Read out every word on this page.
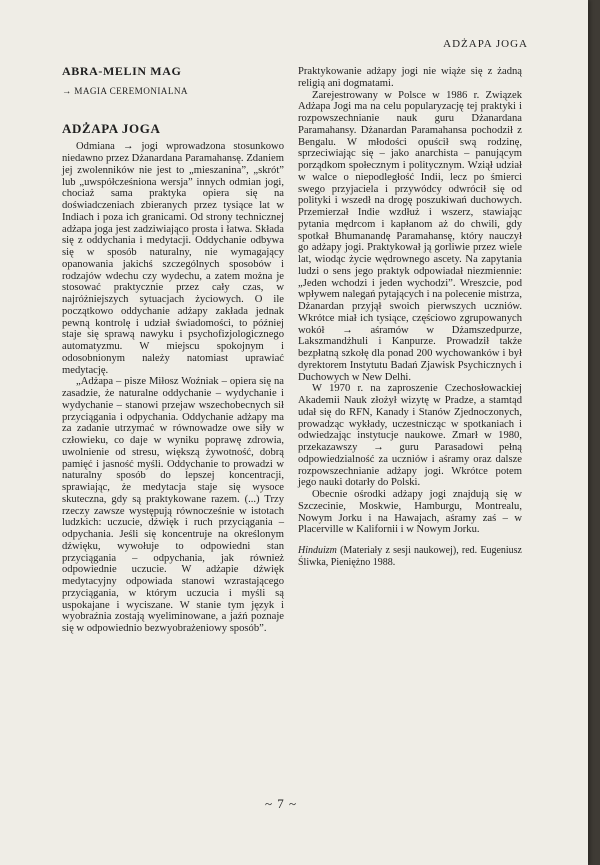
ADŻAPA JOGA
ABRA-MELIN MAG
→ MAGIA CEREMONIALNA
ADŻAPA JOGA

Odmiana → jogi wprowadzona stosunkowo niedawno przez Dżanardana Paramahansę. Zdaniem jej zwolenników nie jest to „mieszanina”, „skrót” lub „uwspółcześniona wersja” innych odmian jogi, chociaż sama praktyka opiera się na doświadczeniach zbieranych przez tysiące lat w Indiach i poza ich granicami. Od strony technicznej adżapa joga jest zadziwiająco prosta i łatwa. Składa się z oddychania i medytacji. Oddychanie odbywa się w sposób naturalny, nie wymagający opanowania jakichś szczególnych sposobów i rodzajów wdechu czy wydechu, a zatem można je stosować praktycznie przez cały czas, w najróżniejszych sytuacjach życiowych. O ile początkowo oddychanie adżapy zakłada jednak pewną kontrolę i udział świadomości, to później staje się sprawą nawyku i psychofizjologicznego automatyzmu. W miejscu spokojnym i odosobnionym należy natomiast uprawiać medytację.

„Adżapa – pisze Miłosz Woźniak – opiera się na zasadzie, że naturalne oddychanie – wydychanie i wydychanie – stanowi przejaw wszechobecnych sił przyciągania i odpychania. Oddychanie adżapy ma za zadanie utrzymać w równowadze owe siły w człowieku, co daje w wyniku poprawę zdrowia, uwolnienie od stresu, większą żywotność, dobrą pamięć i jasność myśli. Oddychanie to prowadzi w naturalny sposób do lepszej koncentracji, sprawiając, że medytacja staje się wysoce skuteczna, gdy są praktykowane razem. (...) Trzy rzeczy zawsze występują równocześnie w istotach ludzkich: uczucie, dźwięk i ruch przyciągania – odpychania. Jeśli się koncentruje na określonym dźwięku, wywołuje to odpowiedni stan przyciągania – odpychania, jak również odpowiednie uczucie. W adżapie dźwięk medytacyjny odpowiada stanowi wzrastającego przyciągania, w którym uczucia i myśli są uspokajane i wyciszane. W stanie tym język i wyobraźnia zostają wyeliminowane, a jaźń poznaje się w odpowiednio bezwyobrażeniowy sposób”.

Praktykowanie adżapy jogi nie wiąże się z żadną religią ani dogmatami.

Zarejestrowany w Polsce w 1986 r. Związek Adżapa Jogi ma na celu popularyzację tej praktyki i rozpowszechnianie nauk guru Dżanardana Paramahansy. Dżanardan Paramahansa pochodził z Bengalu. W młodości opuścił swą rodzinę, sprzeciwiając się – jako anarchista – panującym porządkom społecznym i politycznym. Wziął udział w walce o niepodległość Indii, lecz po śmierci swego przyjaciela i przywódcy odwrócił się od polityki i wszedł na drogę poszukiwań duchowych. Przemierzał Indie wzdłuż i wszerz, stawiając pytania mędrcom i kapłanom aż do chwili, gdy spotkał Bhumanandę Paramahansę, który nauczył go adżapy jogi. Praktykował ją gorliwie przez wiele lat, wiodąc życie wędrownego ascety. Na zapytania ludzi o sens jego praktyk odpowiadał niezmiennie: „Jeden wchodzi i jeden wychodzi”. Wreszcie, pod wpływem nalegań pytających i na polecenie mistrza, Dżanardan przyjął swoich pierwszych uczniów. Wkrótce miał ich tysiące, częściowo zgrupowanych wokół → aśramów w Dżamszedpurze, Lakszmandżhuli i Kanpurze. Prowadził także bezpłatną szkołę dla ponad 200 wychowanków i był dyrektorem Instytutu Badań Zjawisk Psychicznych i Duchowych w New Delhi.

W 1970 r. na zaproszenie Czechosłowackiej Akademii Nauk złożył wizytę w Pradze, a stamtąd udał się do RFN, Kanady i Stanów Zjednoczonych, prowadząc wykłady, uczestnicząc w spotkaniach i odwiedzając instytucje naukowe. Zmarł w 1980, przekazawszy → guru Parasadowi pełną odpowiedzialność za uczniów i aśramy oraz dalsze rozpowszechnianie adżapy jogi. Wkrótce potem jego nauki dotarły do Polski.

Obecnie ośrodki adżapy jogi znajdują się w Szczecinie, Moskwie, Hamburgu, Montrealu, Nowym Jorku i na Hawajach, aśramy zaś – w Placerville w Kalifornii i w Nowym Jorku.

Hinduizm (Materiały z sesji naukowej), red. Eugeniusz Śliwka, Pieniężno 1988.

~ 7 ~
